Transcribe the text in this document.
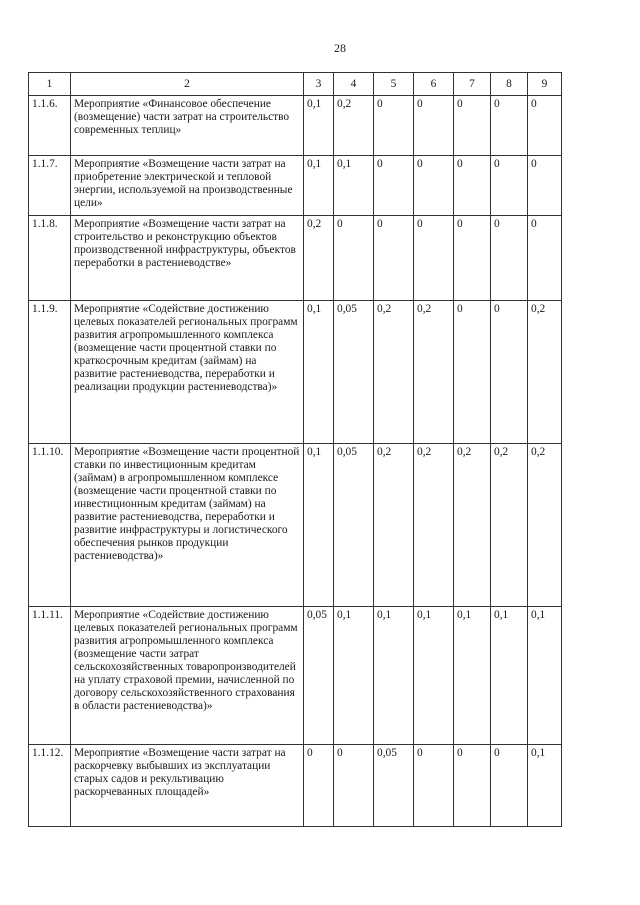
28
1	2	3	4	5	6	7	8	9
1.1.6.	Мероприятие «Финансовое обеспечение (возмещение) части затрат на строительство современных теплиц»	0,1	0,2	0	0	0	0	0
1.1.7.	Мероприятие «Возмещение части затрат на приобретение электрической и тепловой энергии, используемой на производственные цели»	0,1	0,1	0	0	0	0	0
1.1.8.	Мероприятие «Возмещение части затрат на строительство и реконструкцию объектов производственной инфраструктуры, объектов переработки в растениеводстве»	0,2	0	0	0	0	0	0
1.1.9.	Мероприятие «Содействие достижению целевых показателей региональных программ развития агропромышленного комплекса (возмещение части процентной ставки по краткосрочным кредитам (займам) на развитие растениеводства, переработки и реализации продукции растениеводства)»	0,1	0,05	0,2	0,2	0	0	0,2
1.1.10.	Мероприятие «Возмещение части процентной ставки по инвестиционным кредитам (займам) в агропромышленном комплексе (возмещение части процентной ставки по инвестиционным кредитам (займам) на развитие растениеводства, переработки и развитие инфраструктуры и логистического обеспечения рынков продукции растениеводства)»	0,1	0,05	0,2	0,2	0,2	0,2	0,2
1.1.11.	Мероприятие «Содействие достижению целевых показателей региональных программ развития агропромышленного комплекса (возмещение части затрат сельскохозяйственных товаропроизводителей на уплату страховой премии, начисленной по договору сельскохозяйственного страхования в области растениеводства)»	0,05	0,1	0,1	0,1	0,1	0,1	0,1
1.1.12.	Мероприятие «Возмещение части затрат на раскорчевку выбывших из эксплуатации старых садов и рекультивацию раскорчеванных площадей»	0	0	0,05	0	0	0	0,1
